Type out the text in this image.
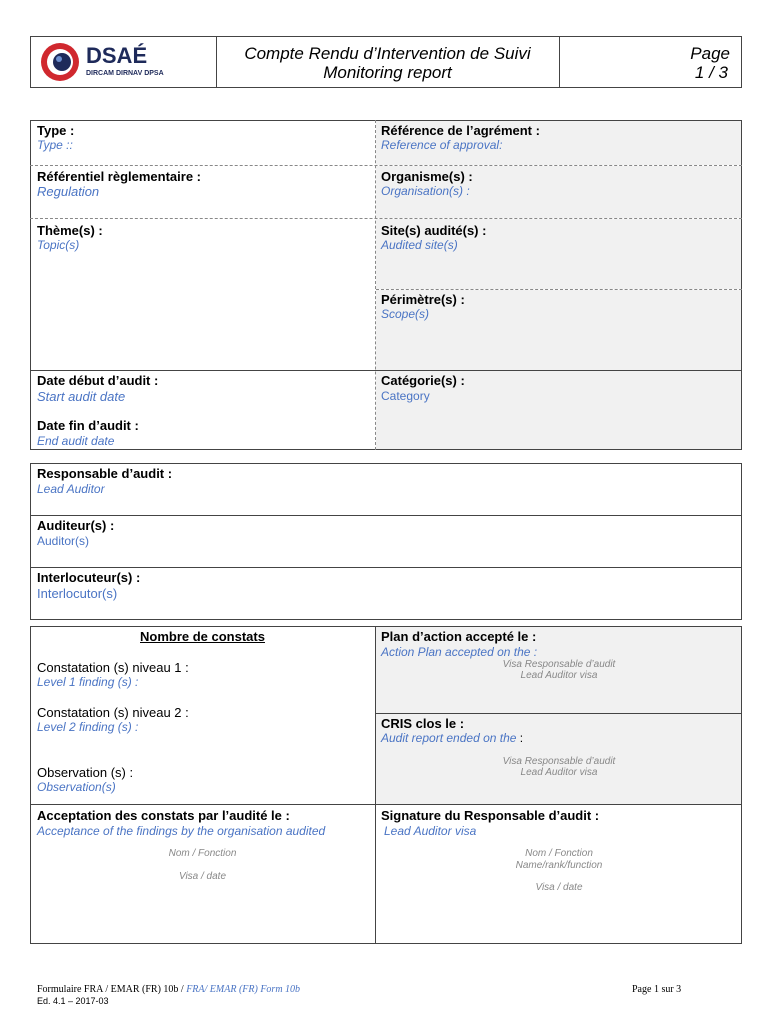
DSAÉ
DIRCAM DIRNAV DPSA
Compte Rendu d’Intervention de Suivi
Monitoring report
Page
1 / 3
Type :
Type ::
Référence de l’agrément :
Reference of approval:
Référentiel règlementaire :
Regulation
Organisme(s) :
Organisation(s) :
Thème(s) :
Topic(s)
Site(s) audité(s) :
Audited site(s)
Périmètre(s) :
Scope(s)
Date début d’audit :
Start audit date
Catégorie(s) :
Category
Date fin d’audit :
End audit date
Responsable d’audit :
Lead Auditor
Auditeur(s) :
Auditor(s)
Interlocuteur(s) :
Interlocutor(s)
Nombre de constats
Constatation (s) niveau 1 :
Level 1 finding (s) :
Constatation (s) niveau 2 :
Level 2 finding (s) :
Observation (s) :
Observation(s)
Plan d’action accepté le :
Action Plan accepted on the :
Visa Responsable d’audit
Lead Auditor visa
CRIS clos le :
Audit report ended on the :
Visa Responsable d’audit
Lead Auditor visa
Acceptation des constats par l’audité le :
Acceptance of the findings by the organisation audited
Nom / Fonction
Visa / date
Signature du Responsable d’audit :
Lead Auditor visa
Nom / Fonction
Name/rank/function
Visa / date
Formulaire FRA / EMAR (FR) 10b / FRA/ EMAR (FR) Form 10b
Ed. 4.1 – 2017-03
Page 1 sur 3
